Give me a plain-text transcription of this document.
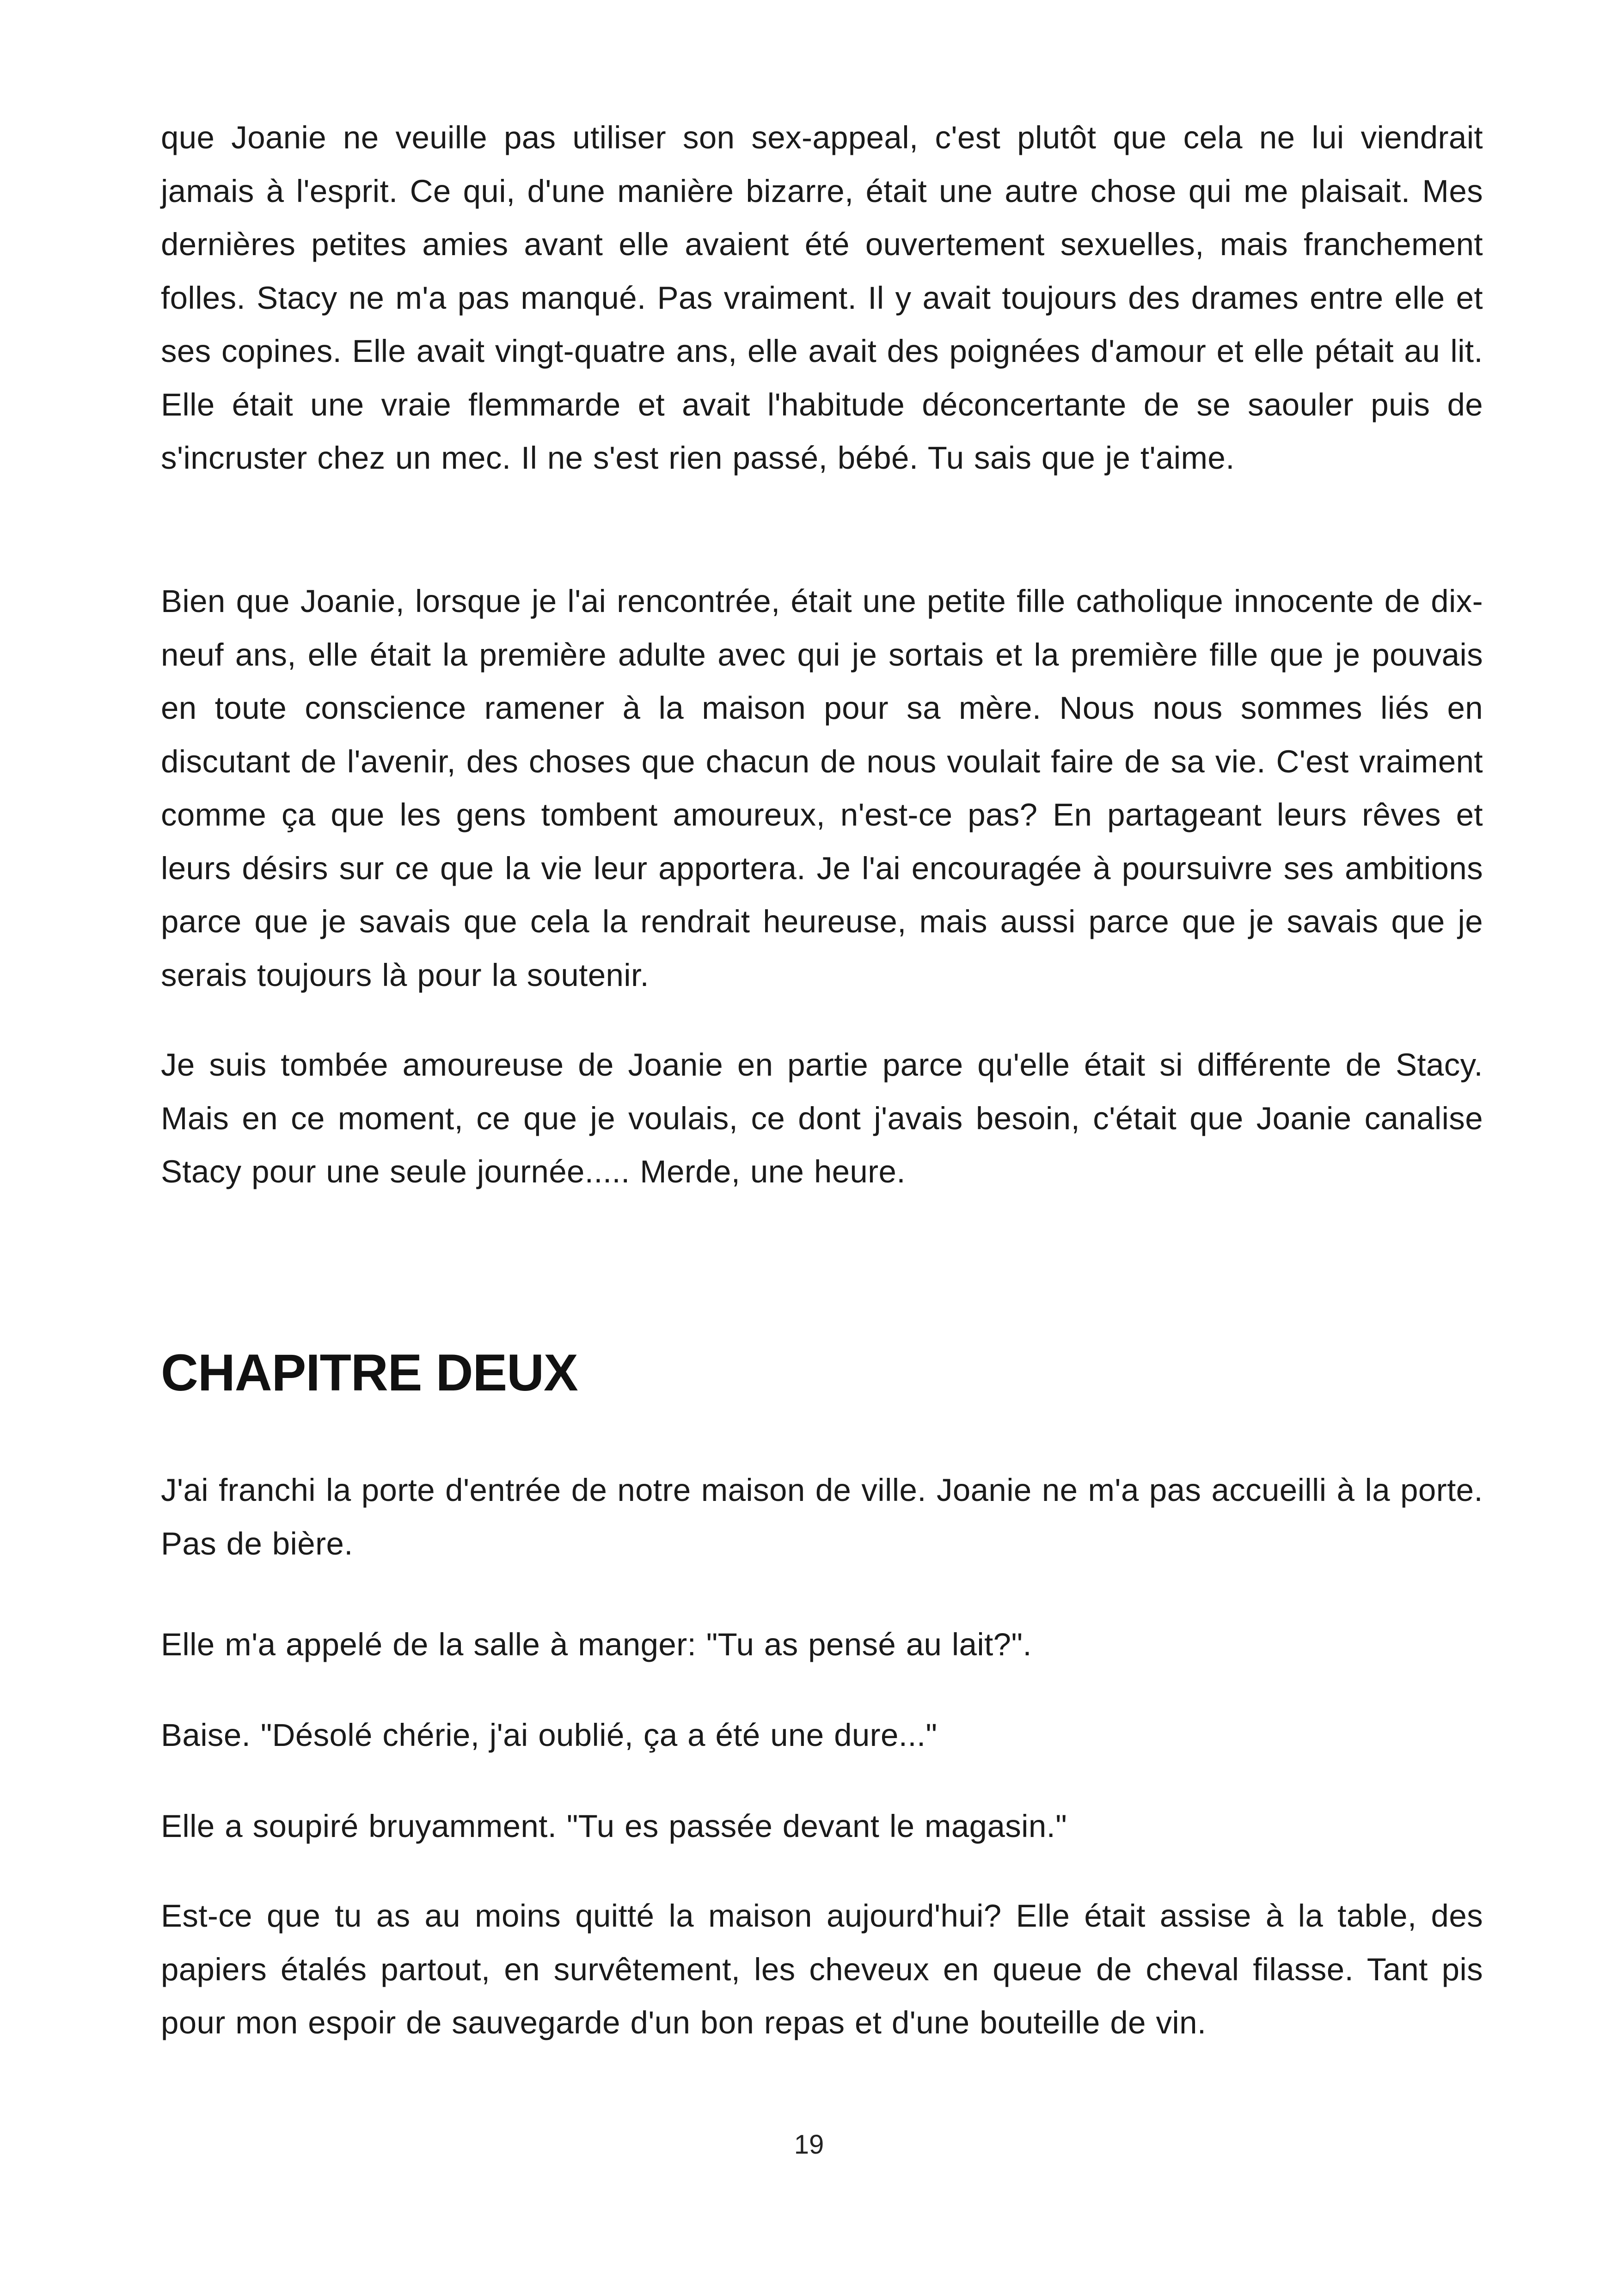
que Joanie ne veuille pas utiliser son sex-appeal, c'est plutôt que cela ne lui viendrait jamais à l'esprit. Ce qui, d'une manière bizarre, était une autre chose qui me plaisait. Mes dernières petites amies avant elle avaient été ouvertement sexuelles, mais franchement folles. Stacy ne m'a pas manqué. Pas vraiment. Il y avait toujours des drames entre elle et ses copines. Elle avait vingt-quatre ans, elle avait des poignées d'amour et elle pétait au lit. Elle était une vraie flemmarde et avait l'habitude déconcertante de se saouler puis de s'incruster chez un mec. Il ne s'est rien passé, bébé. Tu sais que je t'aime.

Bien que Joanie, lorsque je l'ai rencontrée, était une petite fille catholique innocente de dix-neuf ans, elle était la première adulte avec qui je sortais et la première fille que je pouvais en toute conscience ramener à la maison pour sa mère. Nous nous sommes liés en discutant de l'avenir, des choses que chacun de nous voulait faire de sa vie. C'est vraiment comme ça que les gens tombent amoureux, n'est-ce pas? En partageant leurs rêves et leurs désirs sur ce que la vie leur apportera. Je l'ai encouragée à poursuivre ses ambitions parce que je savais que cela la rendrait heureuse, mais aussi parce que je savais que je serais toujours là pour la soutenir.

Je suis tombée amoureuse de Joanie en partie parce qu'elle était si différente de Stacy. Mais en ce moment, ce que je voulais, ce dont j'avais besoin, c'était que Joanie canalise Stacy pour une seule journée..... Merde, une heure.

CHAPITRE DEUX

J'ai franchi la porte d'entrée de notre maison de ville. Joanie ne m'a pas accueilli à la porte. Pas de bière.

Elle m'a appelé de la salle à manger: "Tu as pensé au lait?".

Baise. "Désolé chérie, j'ai oublié, ça a été une dure..."

Elle a soupiré bruyamment. "Tu es passée devant le magasin."

Est-ce que tu as au moins quitté la maison aujourd'hui? Elle était assise à la table, des papiers étalés partout, en survêtement, les cheveux en queue de cheval filasse. Tant pis pour mon espoir de sauvegarde d'un bon repas et d'une bouteille de vin.

19
